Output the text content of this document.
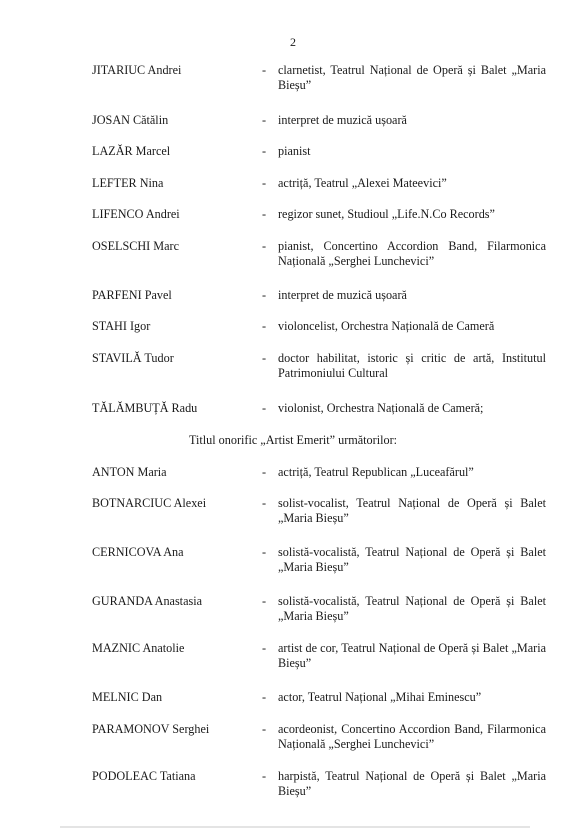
2
JITARIUC Andrei	- clarnetist, Teatrul Național de Operă și Balet „Maria Bieșu”
JOSAN Cătălin	- interpret de muzică ușoară
LAZĂR Marcel	- pianist
LEFTER Nina	- actriță, Teatrul „Alexei Mateevici”
LIFENCO Andrei	- regizor sunet, Studioul „Life.N.Co Records”
OSELSCHI Marc	- pianist, Concertino Accordion Band, Filarmonica Națională „Serghei Lunchevici”
PARFENI Pavel	- interpret de muzică ușoară
STAHI Igor	- violoncelist, Orchestra Națională de Cameră
STAVILĂ Tudor	- doctor habilitat, istoric și critic de artă, Institutul Patrimoniului Cultural
TĂLĂMBUȚĂ Radu	- violonist, Orchestra Națională de Cameră;
Titlul onorific „Artist Emerit” următorilor:
ANTON Maria	- actriță, Teatrul Republican „Luceafărul”
BOTNARCIUC Alexei	- solist-vocalist, Teatrul Național de Operă și Balet „Maria Bieșu”
CERNICOVA Ana	- solistă-vocalistă, Teatrul Național de Operă și Balet „Maria Bieșu”
GURANDA Anastasia	- solistă-vocalistă, Teatrul Național de Operă și Balet „Maria Bieșu”
MAZNIC Anatolie	- artist de cor, Teatrul Național de Operă și Balet „Maria Bieșu”
MELNIC Dan	- actor, Teatrul Național „Mihai Eminescu”
PARAMONOV Serghei	- acordeonist, Concertino Accordion Band, Filarmonica Națională „Serghei Lunchevici”
PODOLEAC Tatiana	- harpistă, Teatrul Național de Operă și Balet „Maria Bieșu”
